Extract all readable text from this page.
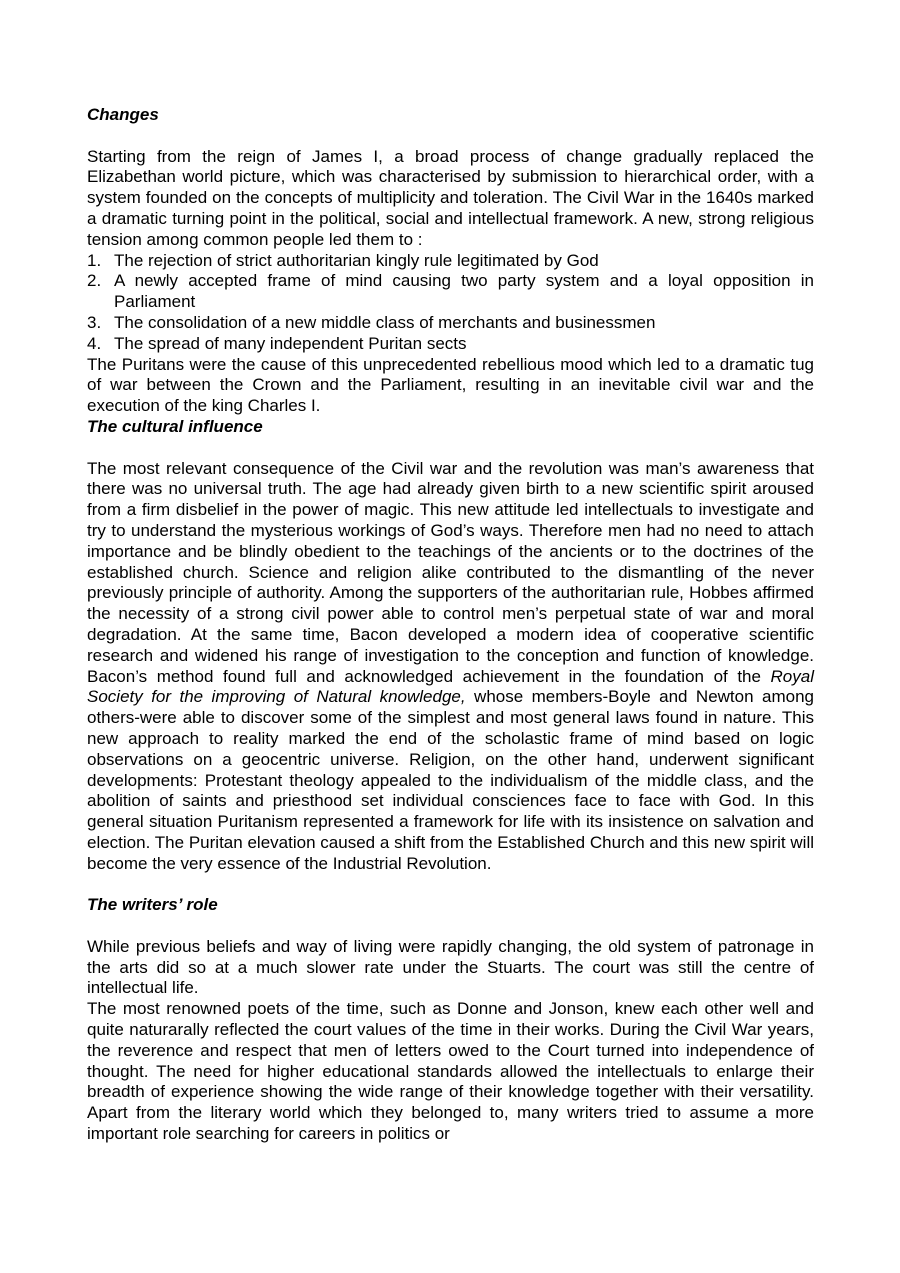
Changes

Starting from the reign of James I, a broad process of change gradually replaced the Elizabethan world picture, which was characterised by submission to hierarchical order, with a system founded on the concepts of multiplicity and toleration. The Civil War in the 1640s marked a dramatic turning point in the political, social and intellectual framework. A new, strong religious tension among common people led them to :

1. The rejection of strict authoritarian kingly rule legitimated by God
2. A newly accepted frame of mind causing two party system and a loyal opposition in Parliament
3. The consolidation of a new middle class of merchants and businessmen
4. The spread of many independent Puritan sects

The Puritans were the cause of this unprecedented rebellious mood which led to a dramatic tug of war between the Crown and the Parliament, resulting in an inevitable civil war and the execution of the king Charles I.

The cultural influence

The most relevant consequence of the Civil war and the revolution was man’s awareness that there was no universal truth. The age had already given birth to a new scientific spirit aroused from a firm disbelief in the power of magic. This new attitude led intellectuals to investigate and try to understand the mysterious workings of God’s ways. Therefore men had no need to attach importance and be blindly obedient to the teachings of the ancients or to the doctrines of the established church. Science and religion alike contributed to the dismantling of the never previously principle of authority. Among the supporters of the authoritarian rule, Hobbes affirmed the necessity of a strong civil power able to control men’s perpetual state of war and moral degradation. At the same time, Bacon developed a modern idea of cooperative scientific research and widened his range of investigation to the conception and function of knowledge. Bacon’s method found full and acknowledged achievement in the foundation of the Royal Society for the improving of Natural knowledge, whose members-Boyle and Newton among others-were able to discover some of the simplest and most general laws found in nature. This new approach to reality marked the end of the scholastic frame of mind based on logic observations on a geocentric universe. Religion, on the other hand, underwent significant developments: Protestant theology appealed to the individualism of the middle class, and the abolition of saints and priesthood set individual consciences face to face with God. In this general situation Puritanism represented a framework for life with its insistence on salvation and election. The Puritan elevation caused a shift from the Established Church and this new spirit will become the very essence of the Industrial Revolution.

The writers’ role

While previous beliefs and way of living were rapidly changing, the old system of patronage in the arts did so at a much slower rate under the Stuarts. The court was still the centre of intellectual life.

The most renowned poets of the time, such as Donne and Jonson, knew each other well and quite naturarally reflected the court values of the time in their works. During the Civil War years, the reverence and respect that men of letters owed to the Court turned into independence of thought. The need for higher educational standards allowed the intellectuals to enlarge their breadth of experience showing the wide range of their knowledge together with their versatility. Apart from the literary world which they belonged to, many writers tried to assume a more important role searching for careers in politics or
